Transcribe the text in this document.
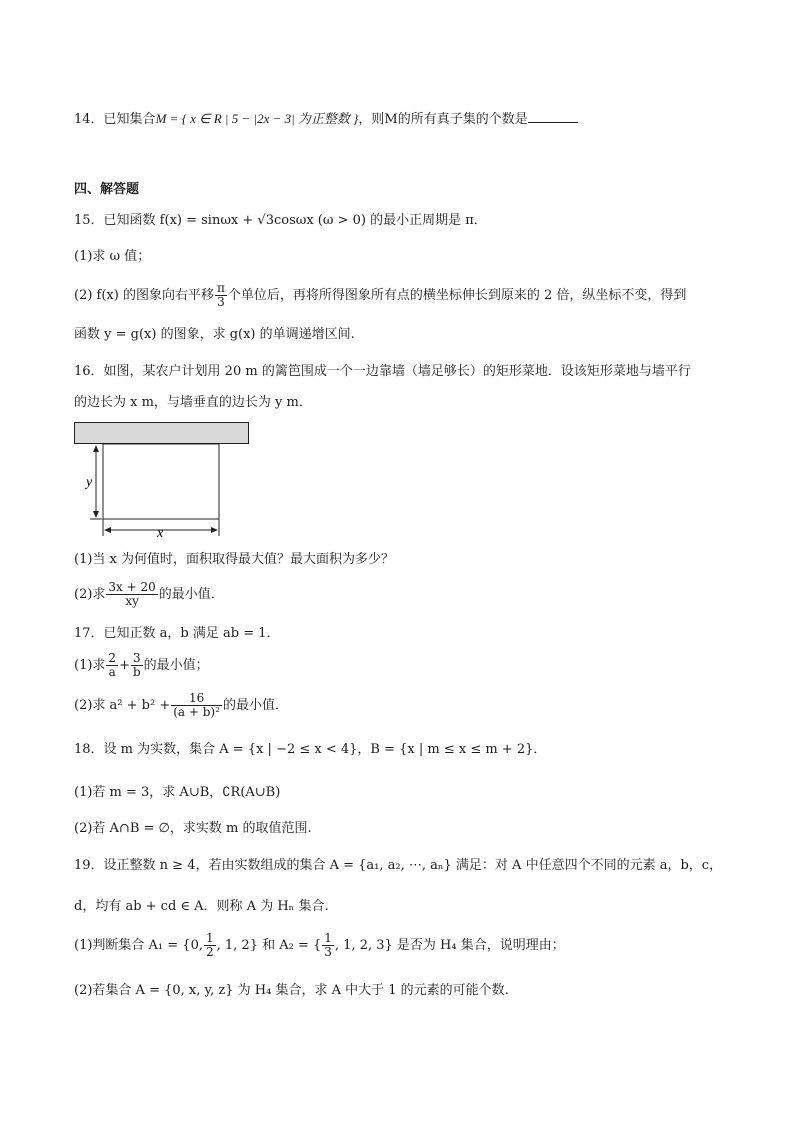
14．已知集合M = { x ∈ R | 5 − |2x − 3| 为正整数 }，则M的所有真子集的个数是
四、解答题
15．已知函数 f(x) = sinωx + √3cosωx (ω > 0) 的最小正周期是 π．
(1)求 ω 值；
(2) f(x) 的图象向右平移 $\frac{\pi}{3}$ 个单位后，再将所得图象所有点的横坐标伸长到原来的 2 倍，纵坐标不变，得到
函数 y = g(x) 的图象，求 g(x) 的单调递增区间.
16．如图，某农户计划用 20 m 的篱笆围成一个一边靠墙（墙足够长）的矩形菜地．设该矩形菜地与墙平行
的边长为 x m，与墙垂直的边长为 y m．
y
x
(1)当 x 为何值时，面积取得最大值？最大面积为多少？
(2)求 $\frac{3x + 20}{xy}$ 的最小值．
17．已知正数 a，b 满足 ab = 1．
(1)求 $\frac{2}{a} + \frac{3}{b}$ 的最小值；
(2)求 $a^2 + b^2 + \frac{16}{\text{(a + b)²}}$ 的最小值．
18．设 m 为实数，集合 A = {x | −2 ≤ x < 4}，B = {x | m ≤ x ≤ m + 2}．
(1)若 m = 3，求 A∪B，∁R(A∪B)
(2)若 A∩B = ∅，求实数 m 的取值范围.
19．设正整数 n ≥ 4，若由实数组成的集合 A = {a₁, a₂, ⋯, aₙ} 满足：对 A 中任意四个不同的元素 a，b，c，
d，均有 ab + cd ∈ A．则称 A 为 Hₙ 集合.
(1)判断集合 A₁ = {0, $\frac{1}{2}$ , 1, 2} 和 A₂ = { $\frac{1}{3}$ , 1, 2, 3} 是否为 H₄ 集合，说明理由；
(2)若集合 A = {0, x, y, z} 为 H₄ 集合，求 A 中大于 1 的元素的可能个数.
